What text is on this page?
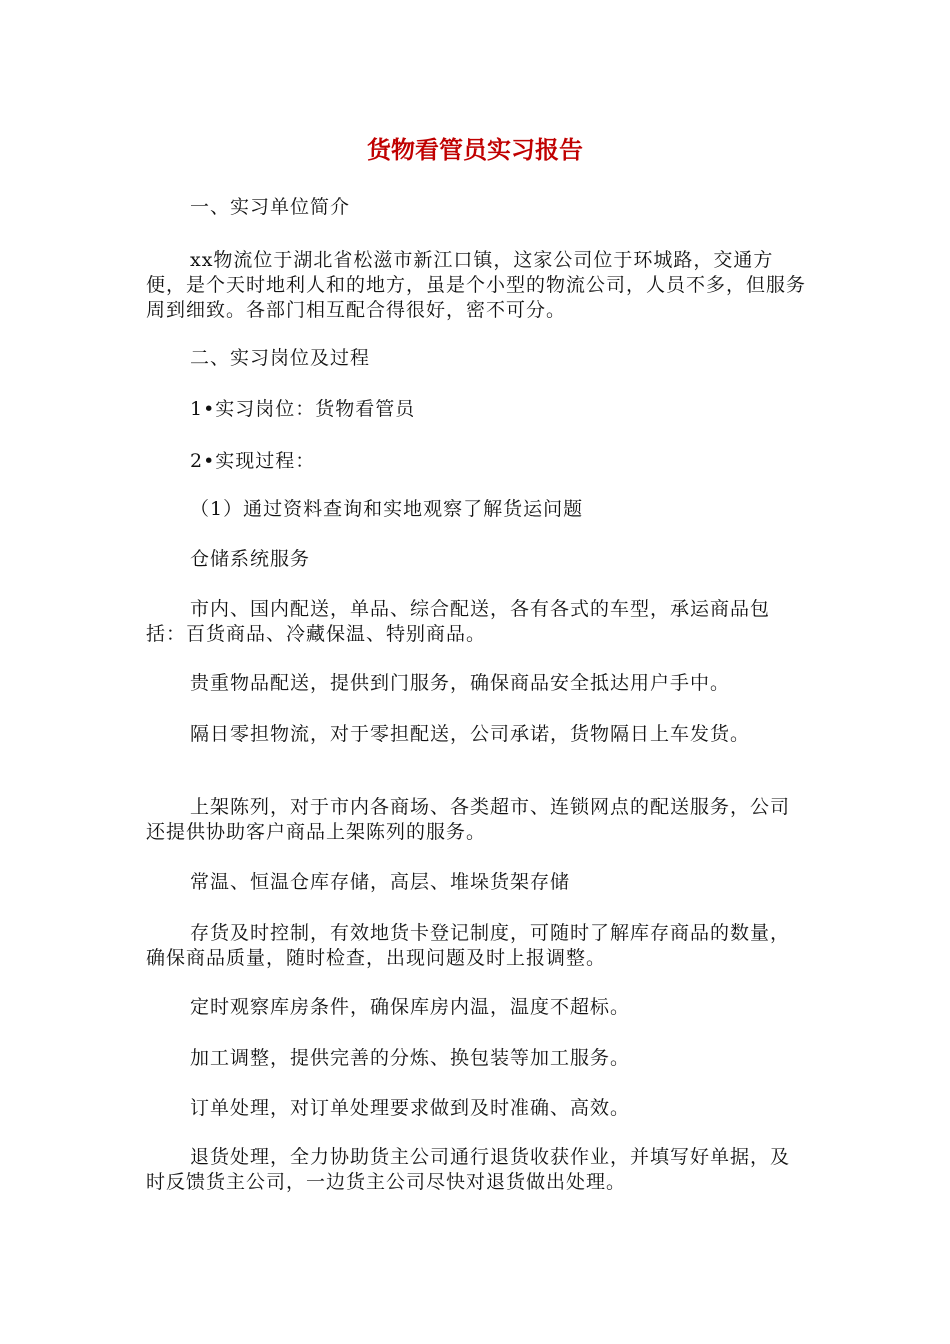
货物看管员实习报告

一、实习单位简介

xx物流位于湖北省松滋市新江口镇，这家公司位于环城路，交通方便，是个天时地利人和的地方，虽是个小型的物流公司，人员不多，但服务周到细致。各部门相互配合得很好，密不可分。

二、实习岗位及过程

1•实习岗位：货物看管员

2•实现过程：

（1）通过资料查询和实地观察了解货运问题

仓储系统服务

市内、国内配送，单品、综合配送，各有各式的车型，承运商品包括：百货商品、冷藏保温、特别商品。

贵重物品配送，提供到门服务，确保商品安全抵达用户手中。

隔日零担物流，对于零担配送，公司承诺，货物隔日上车发货。

上架陈列，对于市内各商场、各类超市、连锁网点的配送服务，公司还提供协助客户商品上架陈列的服务。

常温、恒温仓库存储，高层、堆垛货架存储

存货及时控制，有效地货卡登记制度，可随时了解库存商品的数量，确保商品质量，随时检查，出现问题及时上报调整。

定时观察库房条件，确保库房内温，温度不超标。

加工调整，提供完善的分炼、换包装等加工服务。

订单处理，对订单处理要求做到及时准确、高效。

退货处理，全力协助货主公司通行退货收获作业，并填写好单据，及时反馈货主公司，一边货主公司尽快对退货做出处理。
